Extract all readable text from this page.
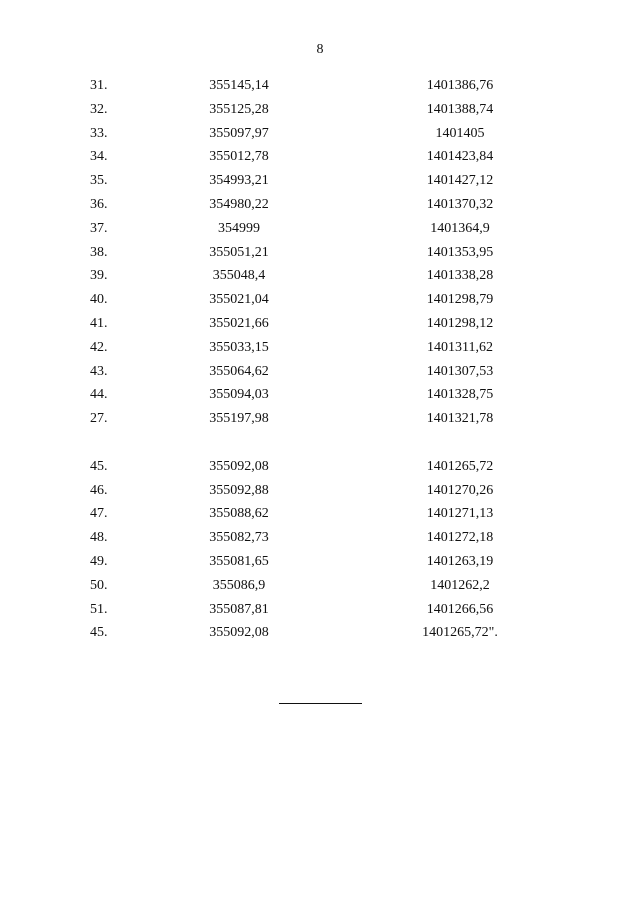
8
31.	355145,14	1401386,76
32.	355125,28	1401388,74
33.	355097,97	1401405
34.	355012,78	1401423,84
35.	354993,21	1401427,12
36.	354980,22	1401370,32
37.	354999	1401364,9
38.	355051,21	1401353,95
39.	355048,4	1401338,28
40.	355021,04	1401298,79
41.	355021,66	1401298,12
42.	355033,15	1401311,62
43.	355064,62	1401307,53
44.	355094,03	1401328,75
27.	355197,98	1401321,78
45.	355092,08	1401265,72
46.	355092,88	1401270,26
47.	355088,62	1401271,13
48.	355082,73	1401272,18
49.	355081,65	1401263,19
50.	355086,9	1401262,2
51.	355087,81	1401266,56
45.	355092,08	1401265,72".
